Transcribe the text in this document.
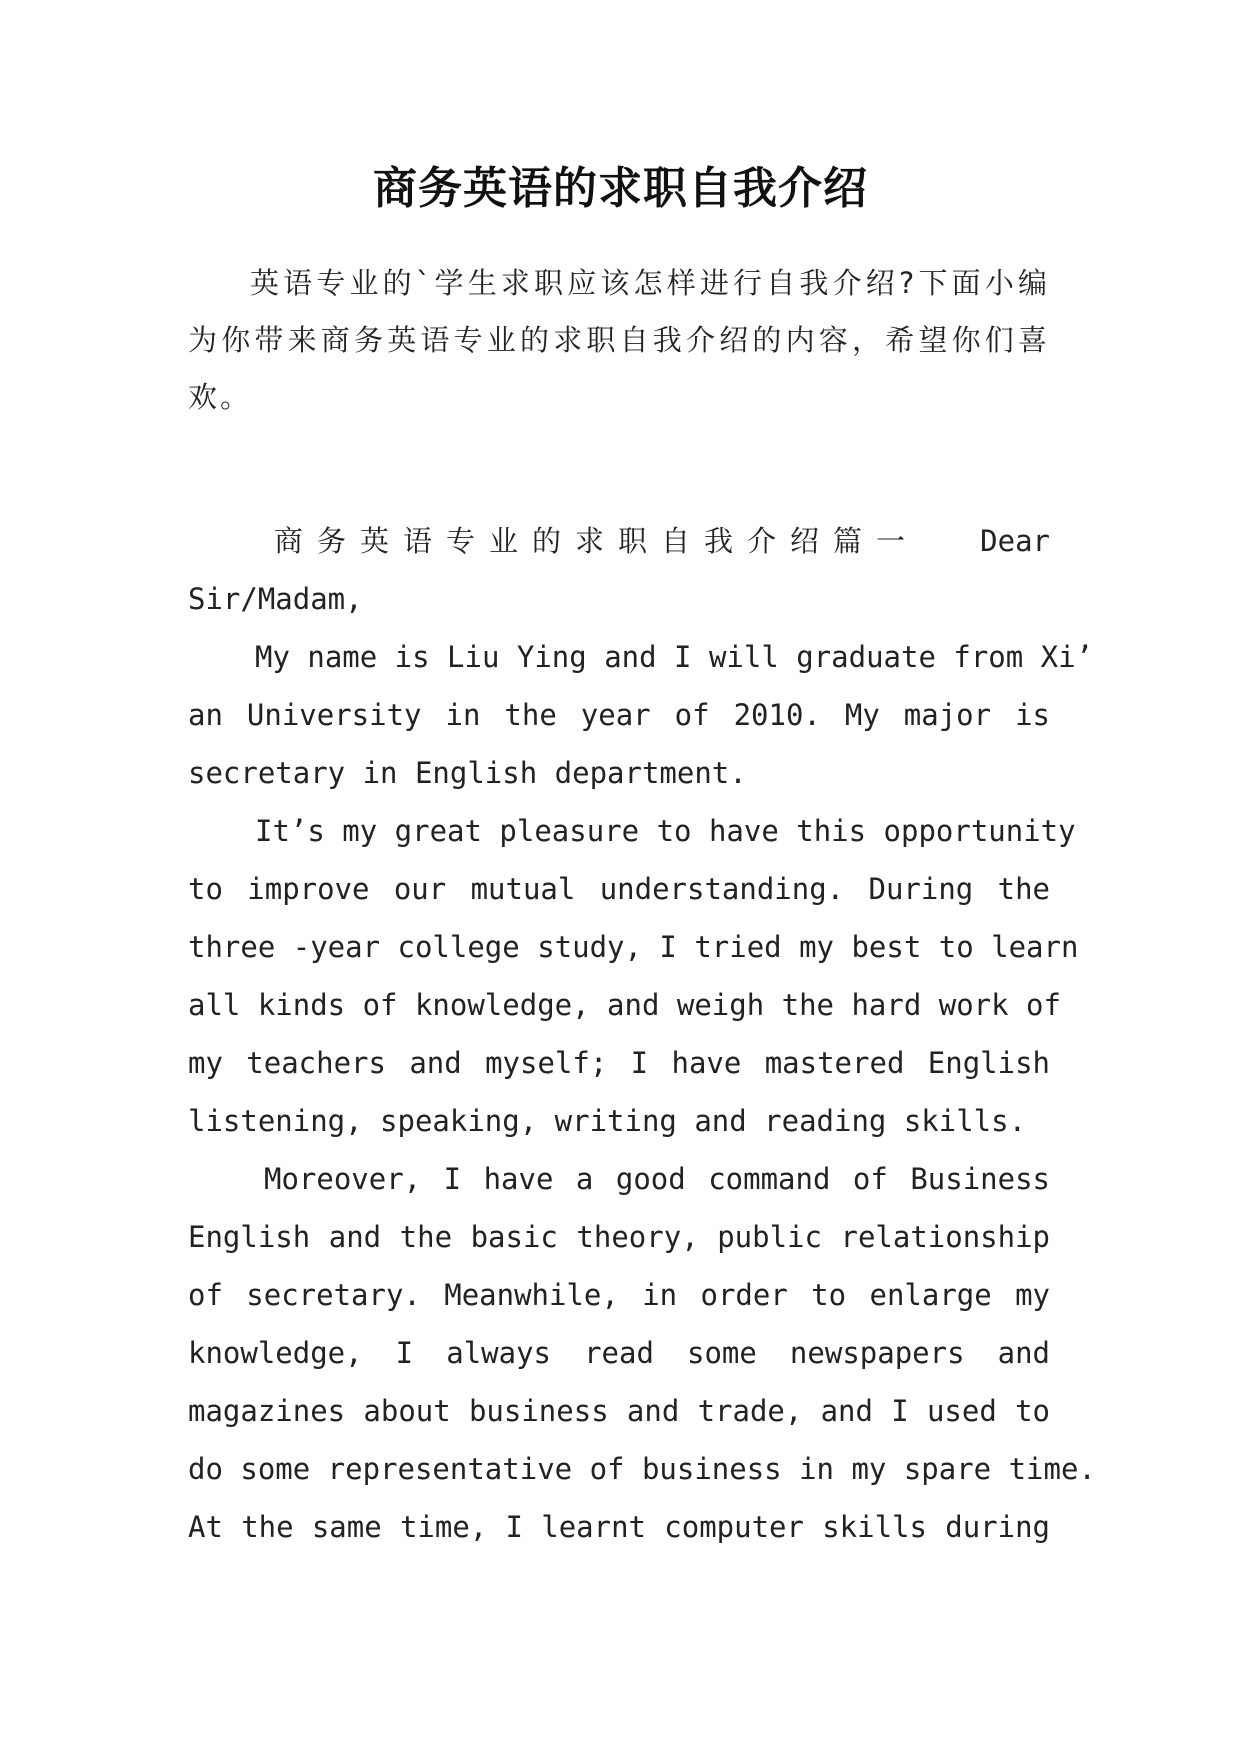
商务英语的求职自我介绍

英语专业的`学生求职应该怎样进行自我介绍?下面小编

为你带来商务英语专业的求职自我介绍的内容，希望你们喜

欢。

商务英语专业的求职自我介绍篇一 Dear

Sir/Madam,

My name is Liu Ying and I will graduate from Xi’

an University in the year of 2010. My major is

secretary in English department.

It’s my great pleasure to have this opportunity

to improve our mutual understanding. During the

three -year college study, I tried my best to learn

all kinds of knowledge, and weigh the hard work of

my teachers and myself; I have mastered English

listening, speaking, writing and reading skills.

Moreover, I have a good command of Business

English and the basic theory, public relationship

of secretary. Meanwhile, in order to enlarge my

knowledge, I always read some newspapers and

magazines about business and trade, and I used to

do some representative of business in my spare time.

At the same time, I learnt computer skills during
